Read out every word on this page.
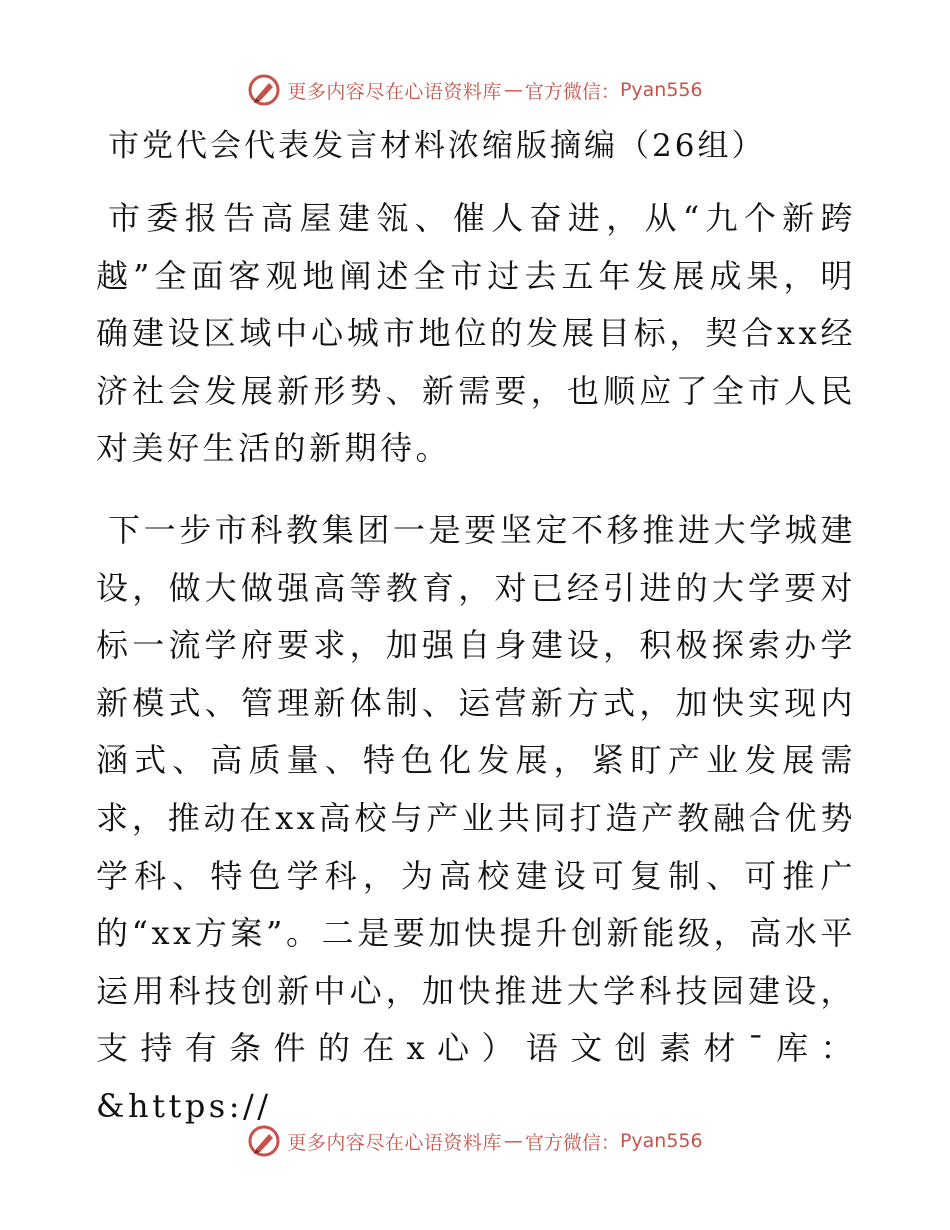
更多内容尽在心语资料库 — 官方微信： Pyan556
市党代会代表发言材料浓缩版摘编（26组）

市委报告高屋建瓴、催人奋进，从“九个新跨越”全面客观地阐述全市过去五年发展成果，明确建设区域中心城市地位的发展目标，契合xx经济社会发展新形势、新需要，也顺应了全市人民对美好生活的新期待。

下一步市科教集团一是要坚定不移推进大学城建设，做大做强高等教育，对已经引进的大学要对标一流学府要求，加强自身建设，积极探索办学新模式、管理新体制、运营新方式，加快实现内涵式、高质量、特色化发展，紧盯产业发展需求，推动在xx高校与产业共同打造产教融合优势学科、特色学科，为高校建设可复制、可推广的“xx方案”。二是要加快提升创新能级，高水平运用科技创新中心，加快推进大学科技园建设，支持有条件的在x心）语文创素材¯库：&https://

更多内容尽在心语资料库 — 官方微信： Pyan556
